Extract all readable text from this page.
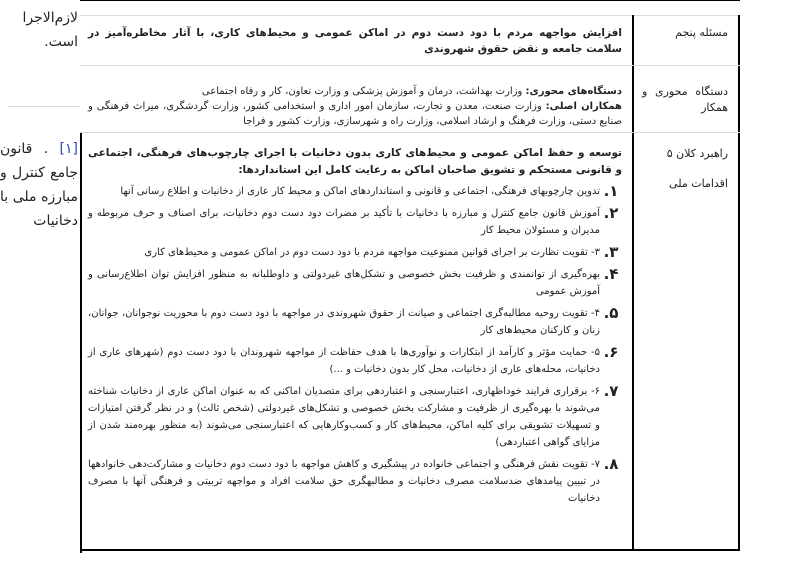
لازم‌الاجرا است.
[۱] . قانون جامع کنترل و مبارزه ملی با دخانیات
مسئله پنجم
افزایش مواجهه مردم با دود دست دوم در اماکن عمومی و محیط‌های کاری، با آثار مخاطره‌آمیز در سلامت جامعه و نقض حقوق شهروندی
دستگاه محوری و همکار
دستگاه‌های محوری: وزارت بهداشت، درمان و آموزش پزشکی و وزارت تعاون، کار و رفاه اجتماعی
همکاران اصلی: وزارت صنعت، معدن و تجارت، سازمان امور اداری و استخدامی کشور، وزارت گردشگری، میراث فرهنگی و صنایع دستی، وزارت فرهنگ و ارشاد اسلامی، وزارت راه و شهرسازی، وزارت کشور و فراجا
راهبرد کلان ۵
اقدامات ملی
توسعه و حفظ اماکن عمومی و محیط‌های کاری بدون دخانیات با اجرای چارچوب‌های فرهنگی، اجتماعی و قانونی مستحکم و تشویق صاحبان اماکن به رعایت کامل این استانداردها:
۱.
تدوین چارچوبهای فرهنگی، اجتماعی و قانونی و استانداردهای اماکن و محیط کار عاری از دخانیات و اطلاع رسانی آنها
۲.
آموزش قانون جامع کنترل و مبارزه با دخانیات با تأکید بر مضرات دود دست دوم دخانیات، برای اصناف و حرف مربوطه و مدیران و مسئولان محیط کار
۳.
۳- تقویت نظارت بر اجرای قوانین ممنوعیت مواجهه مردم با دود دست دوم در اماکن عمومی و محیط‌های کاری
۴.
بهره‌گیری از توانمندی و ظرفیت بخش خصوصی و تشکل‌های غیردولتی و داوطلبانه به منظور افزایش توان اطلاع‌رسانی و آموزش عمومی
۵.
۴- تقویت روحیه مطالبه‌گری اجتماعی و صیانت از حقوق شهروندی در مواجهه با دود دست دوم با محوریت نوجوانان، جوانان، زنان و کارکنان محیط‌های کار
۶.
۵- حمایت مؤثر و کارآمد از ابتکارات و نوآوری‌ها با هدف حفاظت از مواجهه شهروندان با دود دست دوم (شهرهای عاری از دخانیات، محله‌های عاری از دخانیات، محل کار بدون دخانیات و ...)
۷.
۶- برقراری فرایند خوداظهاری، اعتبارسنجی و اعتباردهی برای متصدیان اماکنی که به عنوان اماکن عاری از دخانیات شناخته می‌شوند با بهره‌گیری از ظرفیت و مشارکت بخش خصوصی و تشکل‌های غیردولتی (شخص ثالث) و در نظر گرفتن امتیازات و تسهیلات تشویقی برای کلیه اماکن، محیط‌های کار و کسب‌وکارهایی که اعتبارسنجی می‌شوند (به منظور بهره‌مند شدن از مزایای گواهی اعتباردهی)
۸.
۷- تقویت نقش فرهنگی و اجتماعی خانواده در پیشگیری و کاهش مواجهه با دود دست دوم دخانیات و مشارکت‌دهی خانوادهها در تبیین پیامدهای ضدسلامت مصرف دخانیات و مطالبهگری حق سلامت افراد و مواجهه تربیتی و فرهنگی آنها با مصرف دخانیات
